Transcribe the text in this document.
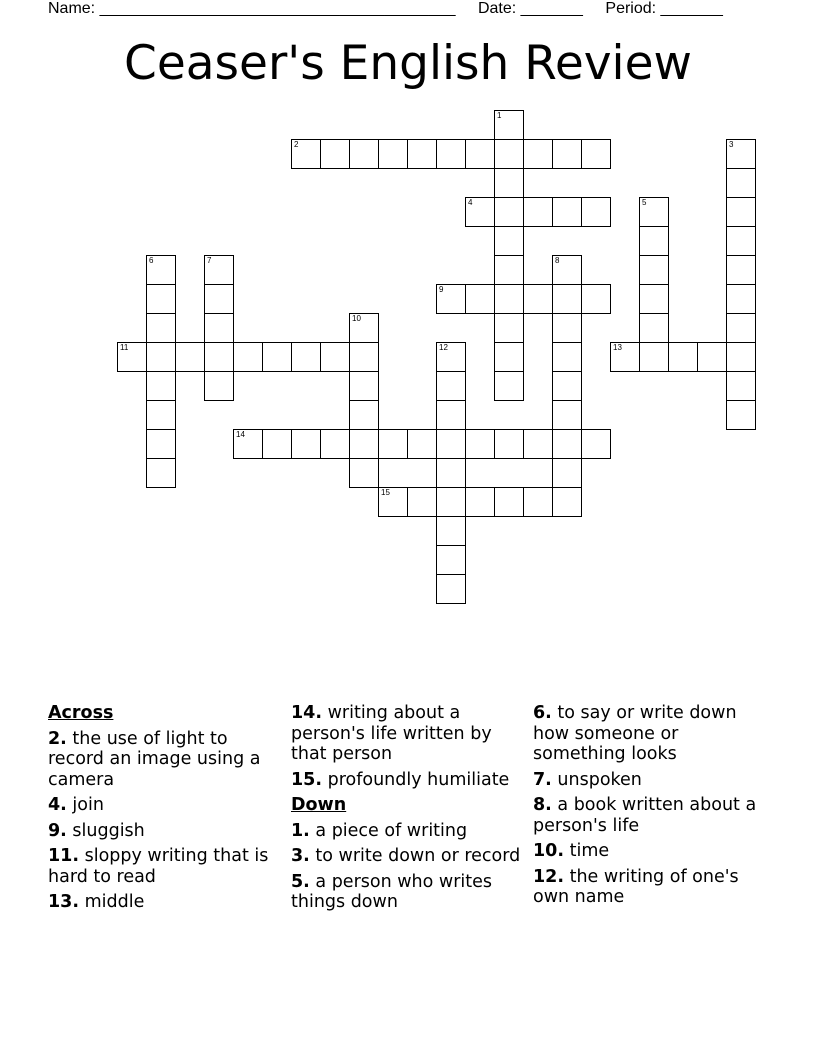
Name: ________________________________________ Date: _______ Period: _______
Ceaser's English Review
1
2	3
4	5
6	7	8
9
10
11	12	13
14
15
Across
2. the use of light to record an image using a camera
4. join
9. sluggish
11. sloppy writing that is hard to read
13. middle
14. writing about a person's life written by that person
15. profoundly humiliate
Down
1. a piece of writing
3. to write down or record
5. a person who writes things down
6. to say or write down how someone or something looks
7. unspoken
8. a book written about a person's life
10. time
12. the writing of one's own name
